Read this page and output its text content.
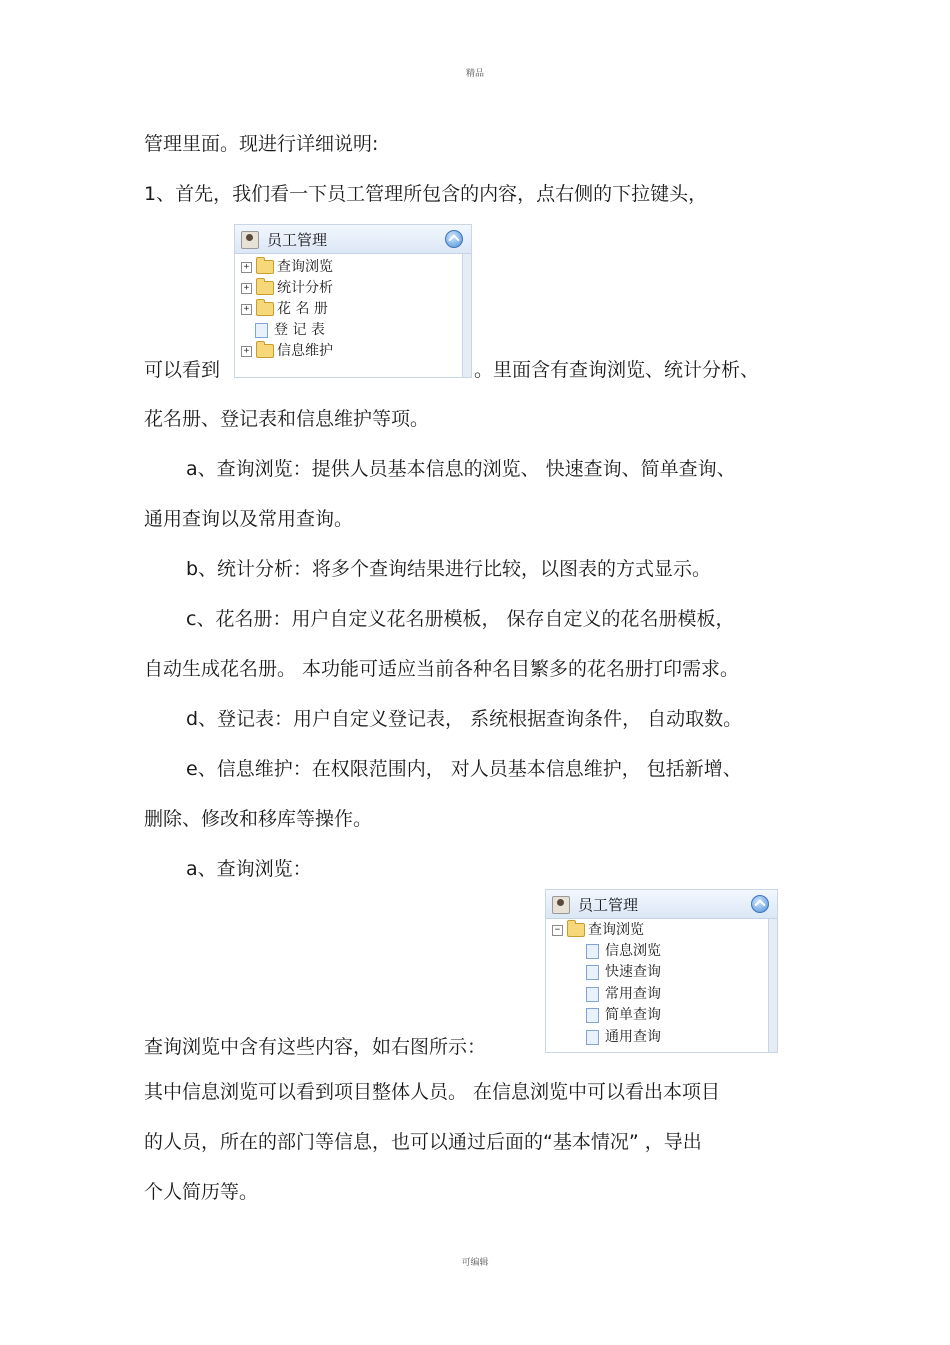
精品
管理里面。现进行详细说明:
1、首先，我们看一下员工管理所包含的内容，点右侧的下拉键头，
员工管理
+ 查询浏览
+ 统计分析
+ 花 名 册
登 记 表
+ 信息维护
可以看到	。里面含有查询浏览、统计分析、
花名册、登记表和信息维护等项。
a、查询浏览：提供人员基本信息的浏览、 快速查询、简单查询、
通用查询以及常用查询。
b、统计分析：将多个查询结果进行比较，以图表的方式显示。
c、花名册：用户自定义花名册模板， 保存自定义的花名册模板，
自动生成花名册。 本功能可适应当前各种名目繁多的花名册打印需求。
d、登记表：用户自定义登记表， 系统根据查询条件， 自动取数。
e、信息维护：在权限范围内， 对人员基本信息维护， 包括新增、
删除、修改和移库等操作。
a、查询浏览：
员工管理
− 查询浏览
信息浏览
快速查询
常用查询
简单查询
通用查询
查询浏览中含有这些内容，如右图所示：
其中信息浏览可以看到项目整体人员。 在信息浏览中可以看出本项目
的人员，所在的部门等信息，也可以通过后面的“基本情况” ，导出
个人简历等。
可编辑
